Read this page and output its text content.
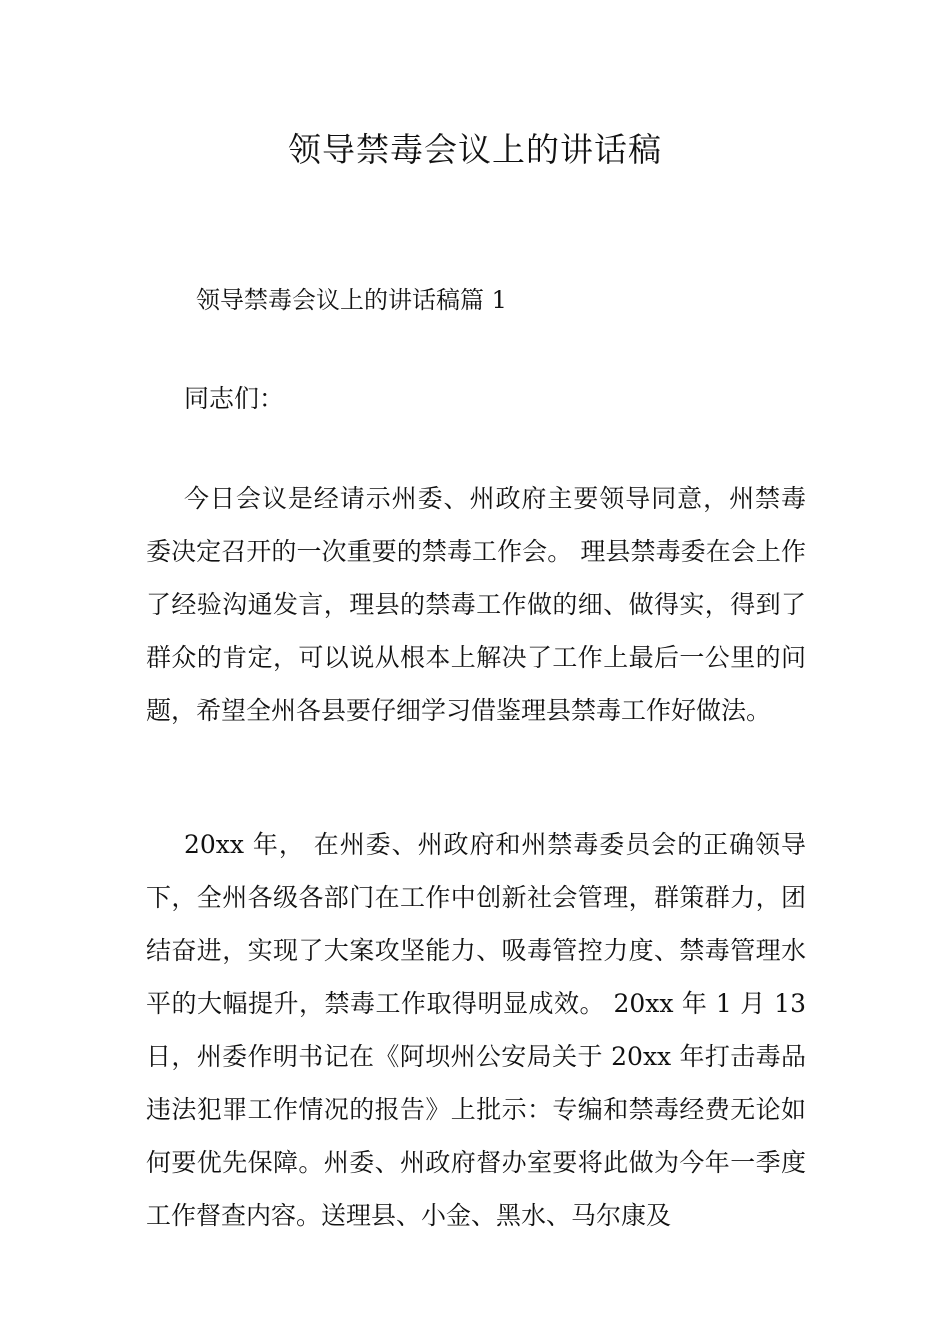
领导禁毒会议上的讲话稿

领导禁毒会议上的讲话稿篇 1

同志们：

今日会议是经请示州委、州政府主要领导同意，州禁毒委决定召开的一次重要的禁毒工作会。 理县禁毒委在会上作了经验沟通发言，理县的禁毒工作做的细、做得实，得到了群众的肯定，可以说从根本上解决了工作上最后一公里的问题，希望全州各县要仔细学习借鉴理县禁毒工作好做法。

20xx 年， 在州委、州政府和州禁毒委员会的正确领导下，全州各级各部门在工作中创新社会管理，群策群力，团结奋进，实现了大案攻坚能力、吸毒管控力度、禁毒管理水平的大幅提升，禁毒工作取得明显成效。 20xx 年 1 月 13 日，州委作明书记在《阿坝州公安局关于 20xx 年打击毒品违法犯罪工作情况的报告》上批示：专编和禁毒经费无论如何要优先保障。州委、州政府督办室要将此做为今年一季度工作督查内容。送理县、小金、黑水、马尔康及
